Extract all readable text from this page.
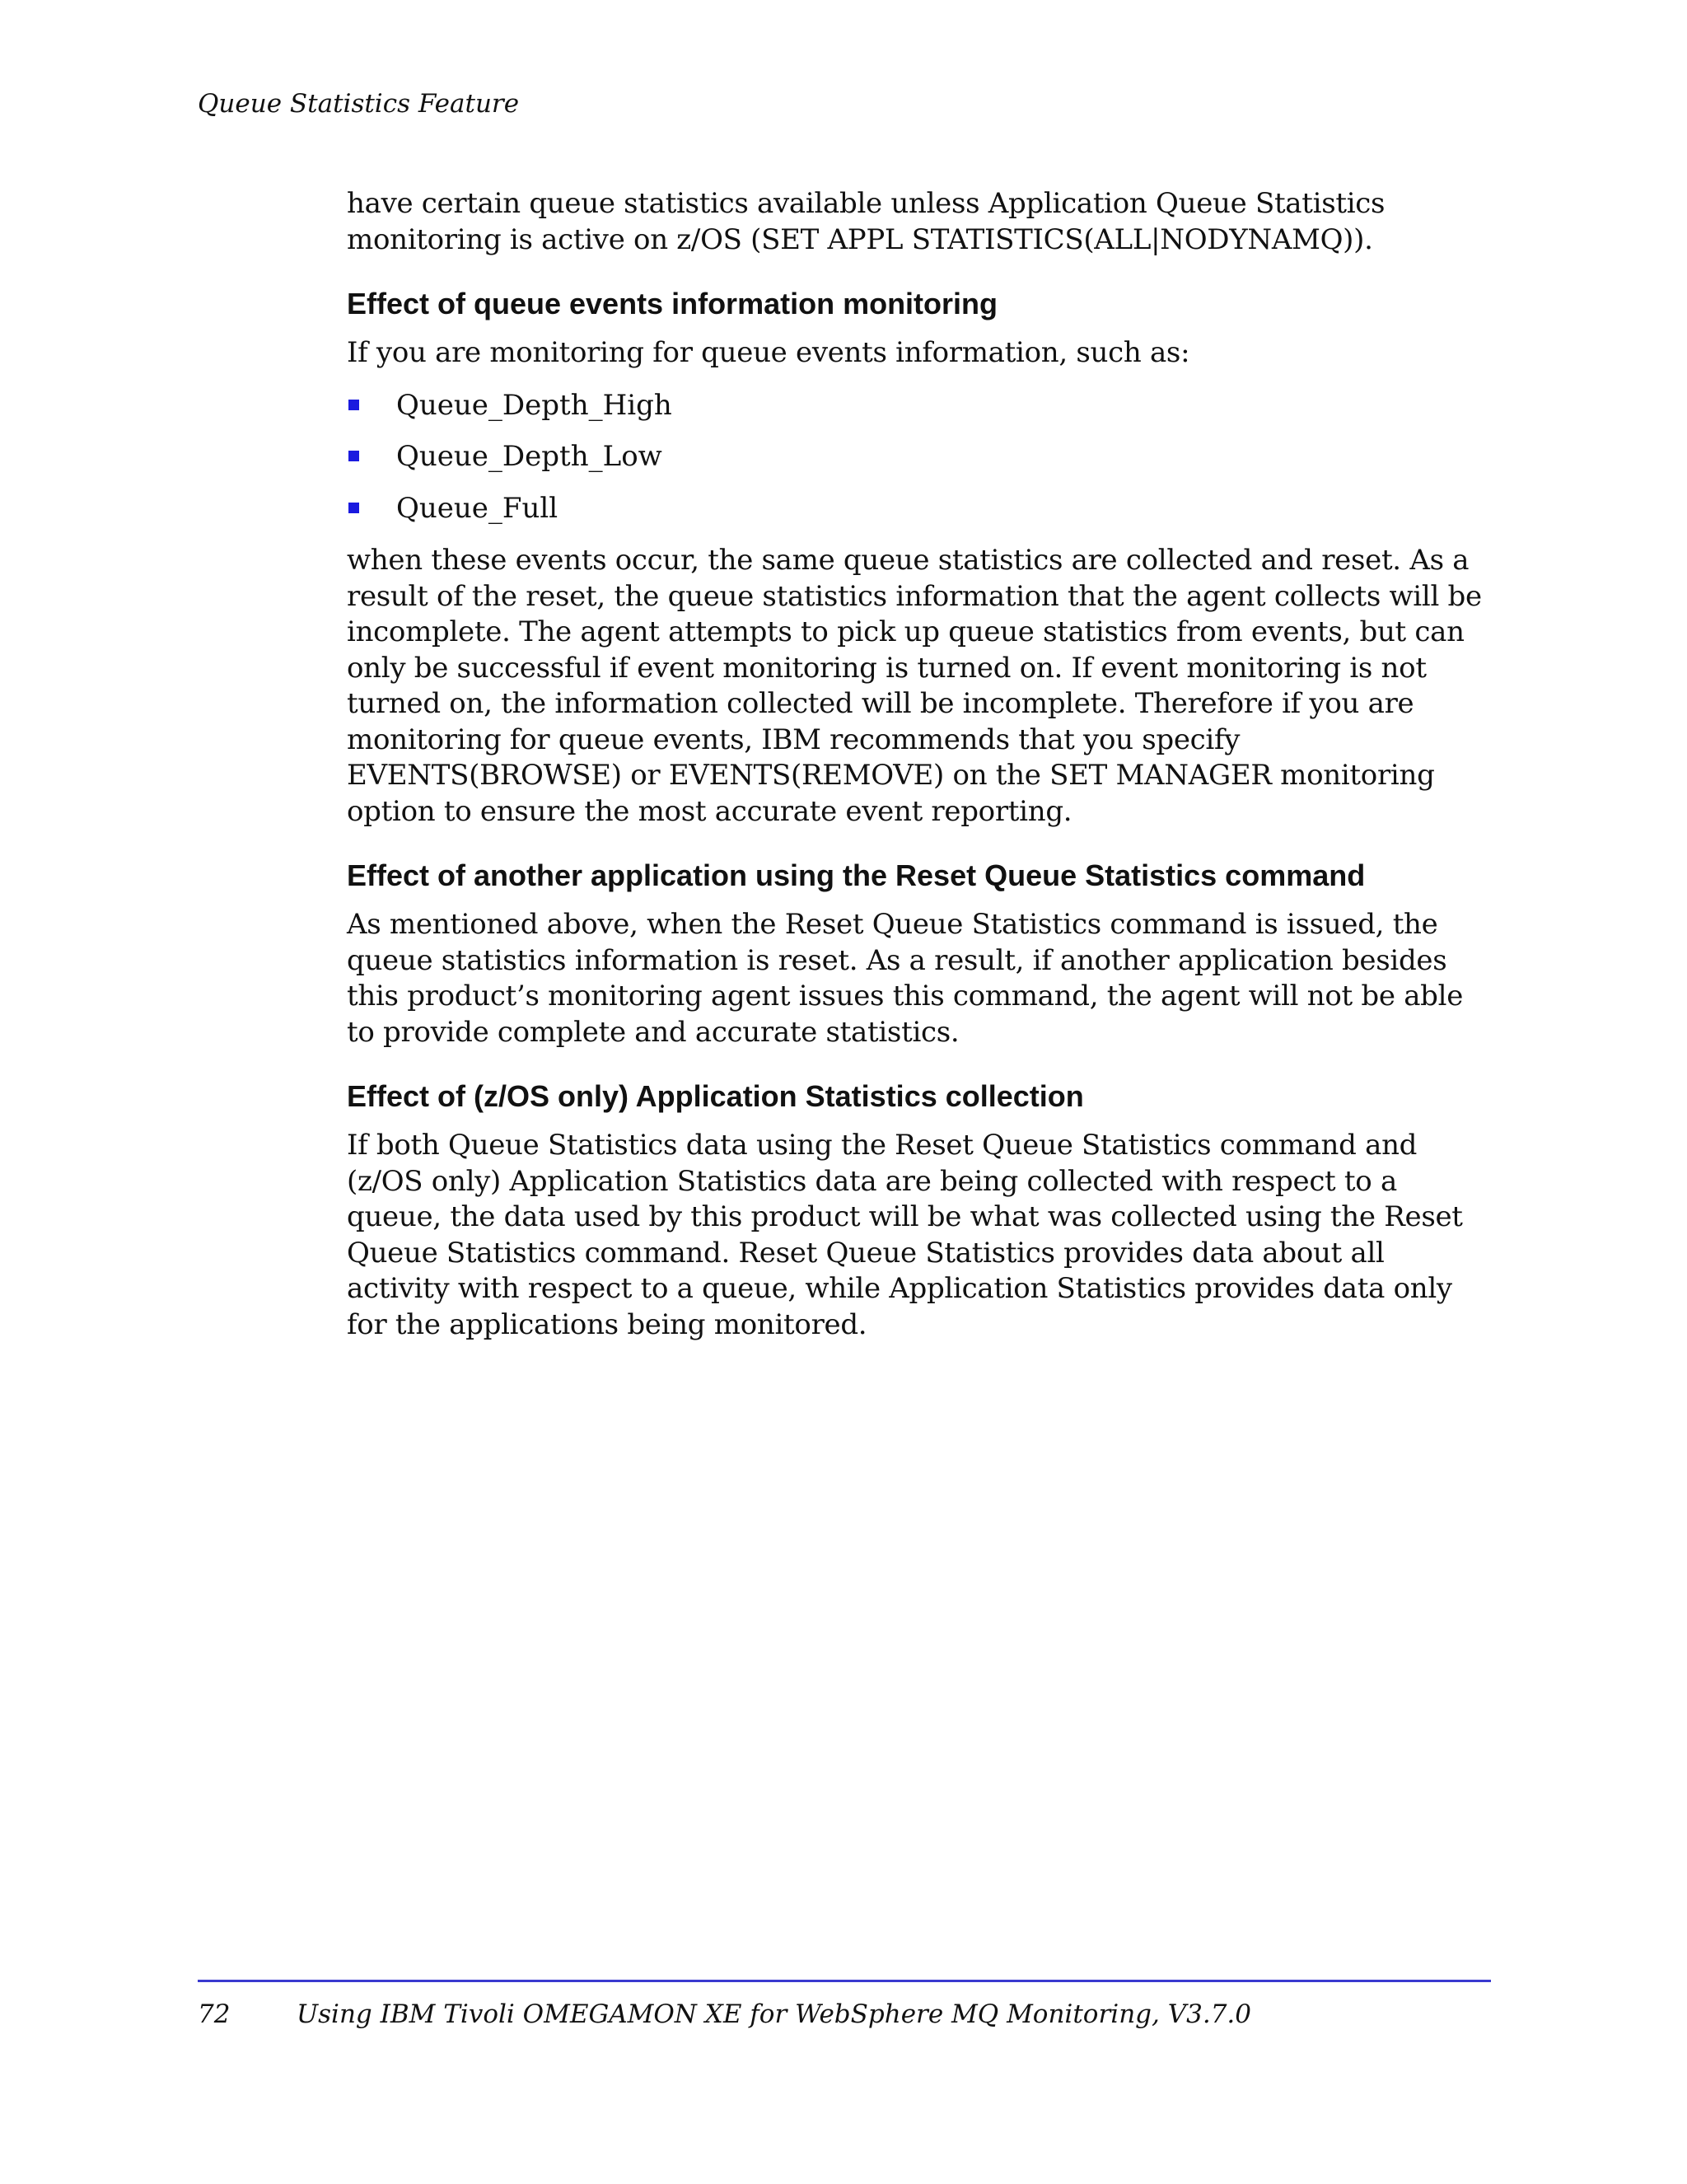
Queue Statistics Feature

have certain queue statistics available unless Application Queue Statistics monitoring is active on z/OS (SET APPL STATISTICS(ALL|NODYNAMQ)).

Effect of queue events information monitoring

If you are monitoring for queue events information, such as:

Queue_Depth_High
Queue_Depth_Low
Queue_Full

when these events occur, the same queue statistics are collected and reset. As a result of the reset, the queue statistics information that the agent collects will be incomplete. The agent attempts to pick up queue statistics from events, but can only be successful if event monitoring is turned on. If event monitoring is not turned on, the information collected will be incomplete. Therefore if you are monitoring for queue events, IBM recommends that you specify EVENTS(BROWSE) or EVENTS(REMOVE) on the SET MANAGER monitoring option to ensure the most accurate event reporting.

Effect of another application using the Reset Queue Statistics command

As mentioned above, when the Reset Queue Statistics command is issued, the queue statistics information is reset. As a result, if another application besides this product’s monitoring agent issues this command, the agent will not be able to provide complete and accurate statistics.

Effect of (z/OS only) Application Statistics collection

If both Queue Statistics data using the Reset Queue Statistics command and (z/OS only) Application Statistics data are being collected with respect to a queue, the data used by this product will be what was collected using the Reset Queue Statistics command. Reset Queue Statistics provides data about all activity with respect to a queue, while Application Statistics provides data only for the applications being monitored.

72	Using IBM Tivoli OMEGAMON XE for WebSphere MQ Monitoring, V3.7.0
